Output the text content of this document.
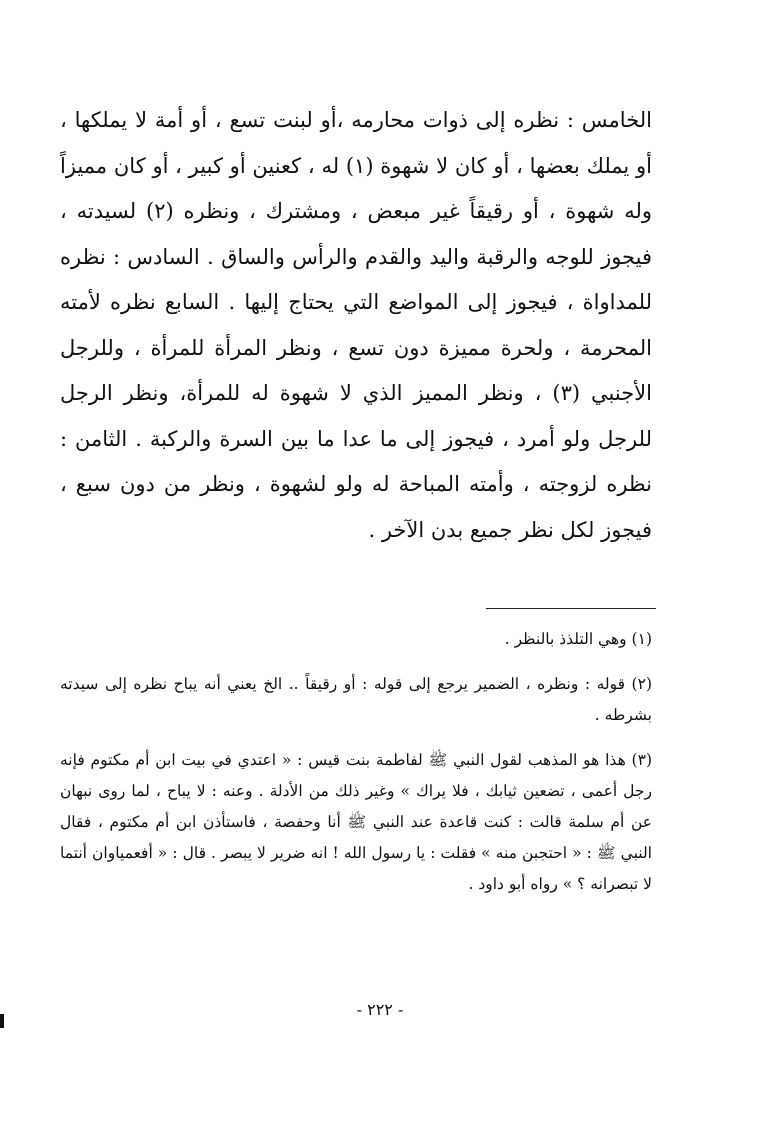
الخامس : نظره إلى ذوات محارمه ،أو لبنت تسع ، أو أمة لا يملكها ، أو يملك بعضها ، أو كان لا شهوة (١) له ، كعنين أو كبير ، أو كان مميزاً وله شهوة ، أو رقيقاً غير مبعض ، ومشترك ، ونظره (٢) لسيدته ، فيجوز للوجه والرقبة واليد والقدم والرأس والساق . السادس : نظره للمداواة ، فيجوز إلى المواضع التي يحتاج إليها . السابع نظره لأمته المحرمة ، ولحرة مميزة دون تسع ، ونظر المرأة للمرأة ، وللرجل الأجنبي (٣) ، ونظر المميز الذي لا شهوة له للمرأة، ونظر الرجل للرجل ولو أمرد ، فيجوز إلى ما عدا ما بين السرة والركبة . الثامن : نظره لزوجته ، وأمته المباحة له ولو لشهوة ، ونظر من دون سبع ، فيجوز لكل نظر جميع بدن الآخر .

(١) وهي التلذذ بالنظر .

(٢) قوله : ونظره ، الضمير يرجع إلى قوله : أو رقيقاً .. الخ يعني أنه يباح نظره إلى سيدته بشرطه .

(٣) هذا هو المذهب لقول النبي ﷺ لفاطمة بنت قيس : « اعتدي في بيت ابن أم مكتوم فإنه رجل أعمى ، تضعين ثيابك ، فلا يراك » وغير ذلك من الأدلة . وعنه : لا يباح ، لما روى نبهان عن أم سلمة قالت : كنت قاعدة عند النبي ﷺ أنا وحفصة ، فاستأذن ابن أم مكتوم ، فقال النبي ﷺ : « احتجبن منه » فقلت : يا رسول الله ! انه ضرير لا يبصر . قال : « أفعمياوان أنتما لا تبصرانه ؟ » رواه أبو داود .

- ٢٢٢ -
